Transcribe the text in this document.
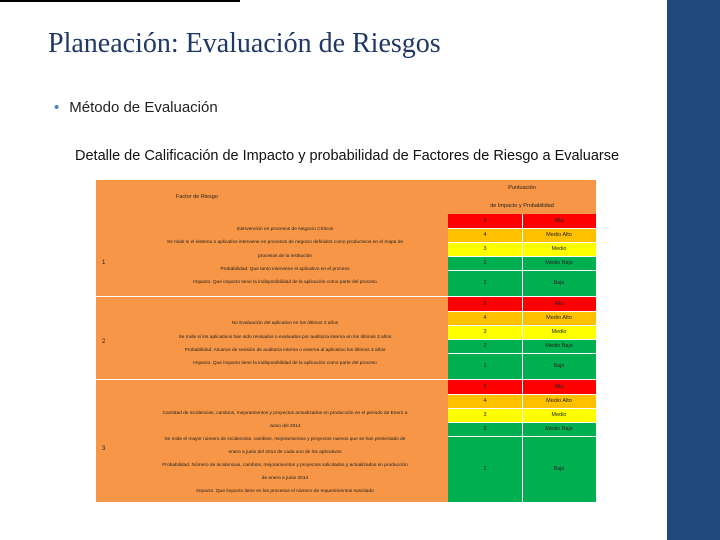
Planeación: Evaluación de Riesgos
• Método de Evaluación
Detalle de Calificación de Impacto y probabilidad de Factores de Riesgo a Evaluarse
Factor de Riesgo
Puntuación
de Impacto y Probabilidad
1
Intervención en procesos de Negocio Críticos
Se mide si el sistema o aplicativo interviene en procesos de negocio definidos como productivos en el mapa de
procesos de la institución
Probabilidad. Que tanto interviene el aplicativo en el proceso
Impacto. Que impacto tiene la indisponibilidad de la aplicación como parte del proceso
5	Alto
4	Medio Alto
3	Medio
2	Medio Bajo
1	Bajo
2
No Evaluación del aplicativo en los últimos 3 años
Se mide si los aplicativos han sido revisados o evaluados por auditoría interna en los últimos 3 años
Probabilidad. Alcance de revisión de auditoría interna o externa al aplicativo los últimos 3 años
Impacto. Que impacto tiene la indisponibilidad de la aplicación como parte del proceso
5	Alto
4	Medio Alto
3	Medio
2	Medio Bajo
1	Bajo
3
Cantidad de incidencias, cambios, mejoramientos y proyectos actualizados en producción en el periodo de Enero a
Junio del 2014
Se mide el mayor número de incidencias, cambios, mejoramientos y proyectos nuevos que se han presentado de
enero a junio del 2014 de cada uno de los aplicativos
Probabilidad. Número de incidencias, cambios, mejoramientos y proyectos solicitados y actualizados en producción
de enero a junio 2014
Impacto. Que impacto tiene en los procesos el número de requerimientos suscitado
5	Alto
4	Medio Alto
3	Medio
2	Medio Bajo
1	Bajo
